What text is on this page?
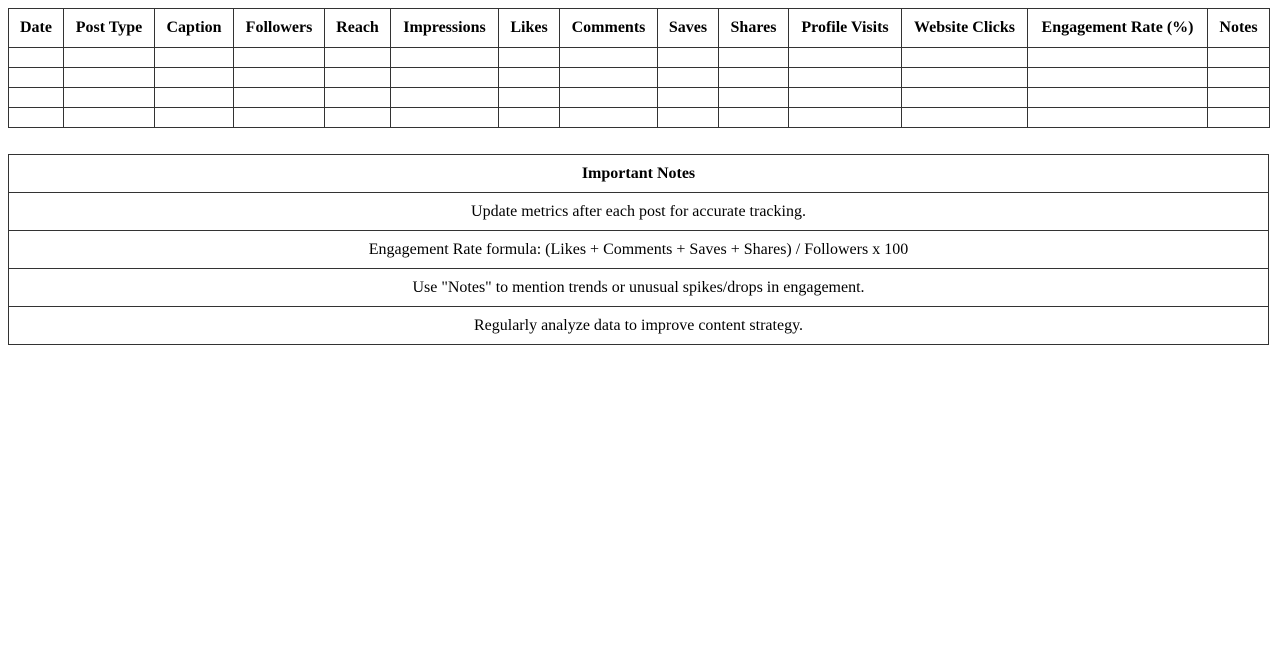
Date	Post Type	Caption	Followers	Reach	Impressions	Likes	Comments	Saves	Shares	Profile Visits	Website Clicks	Engagement Rate (%)	Notes

Important Notes
Update metrics after each post for accurate tracking.
Engagement Rate formula: (Likes + Comments + Saves + Shares) / Followers x 100
Use "Notes" to mention trends or unusual spikes/drops in engagement.
Regularly analyze data to improve content strategy.
